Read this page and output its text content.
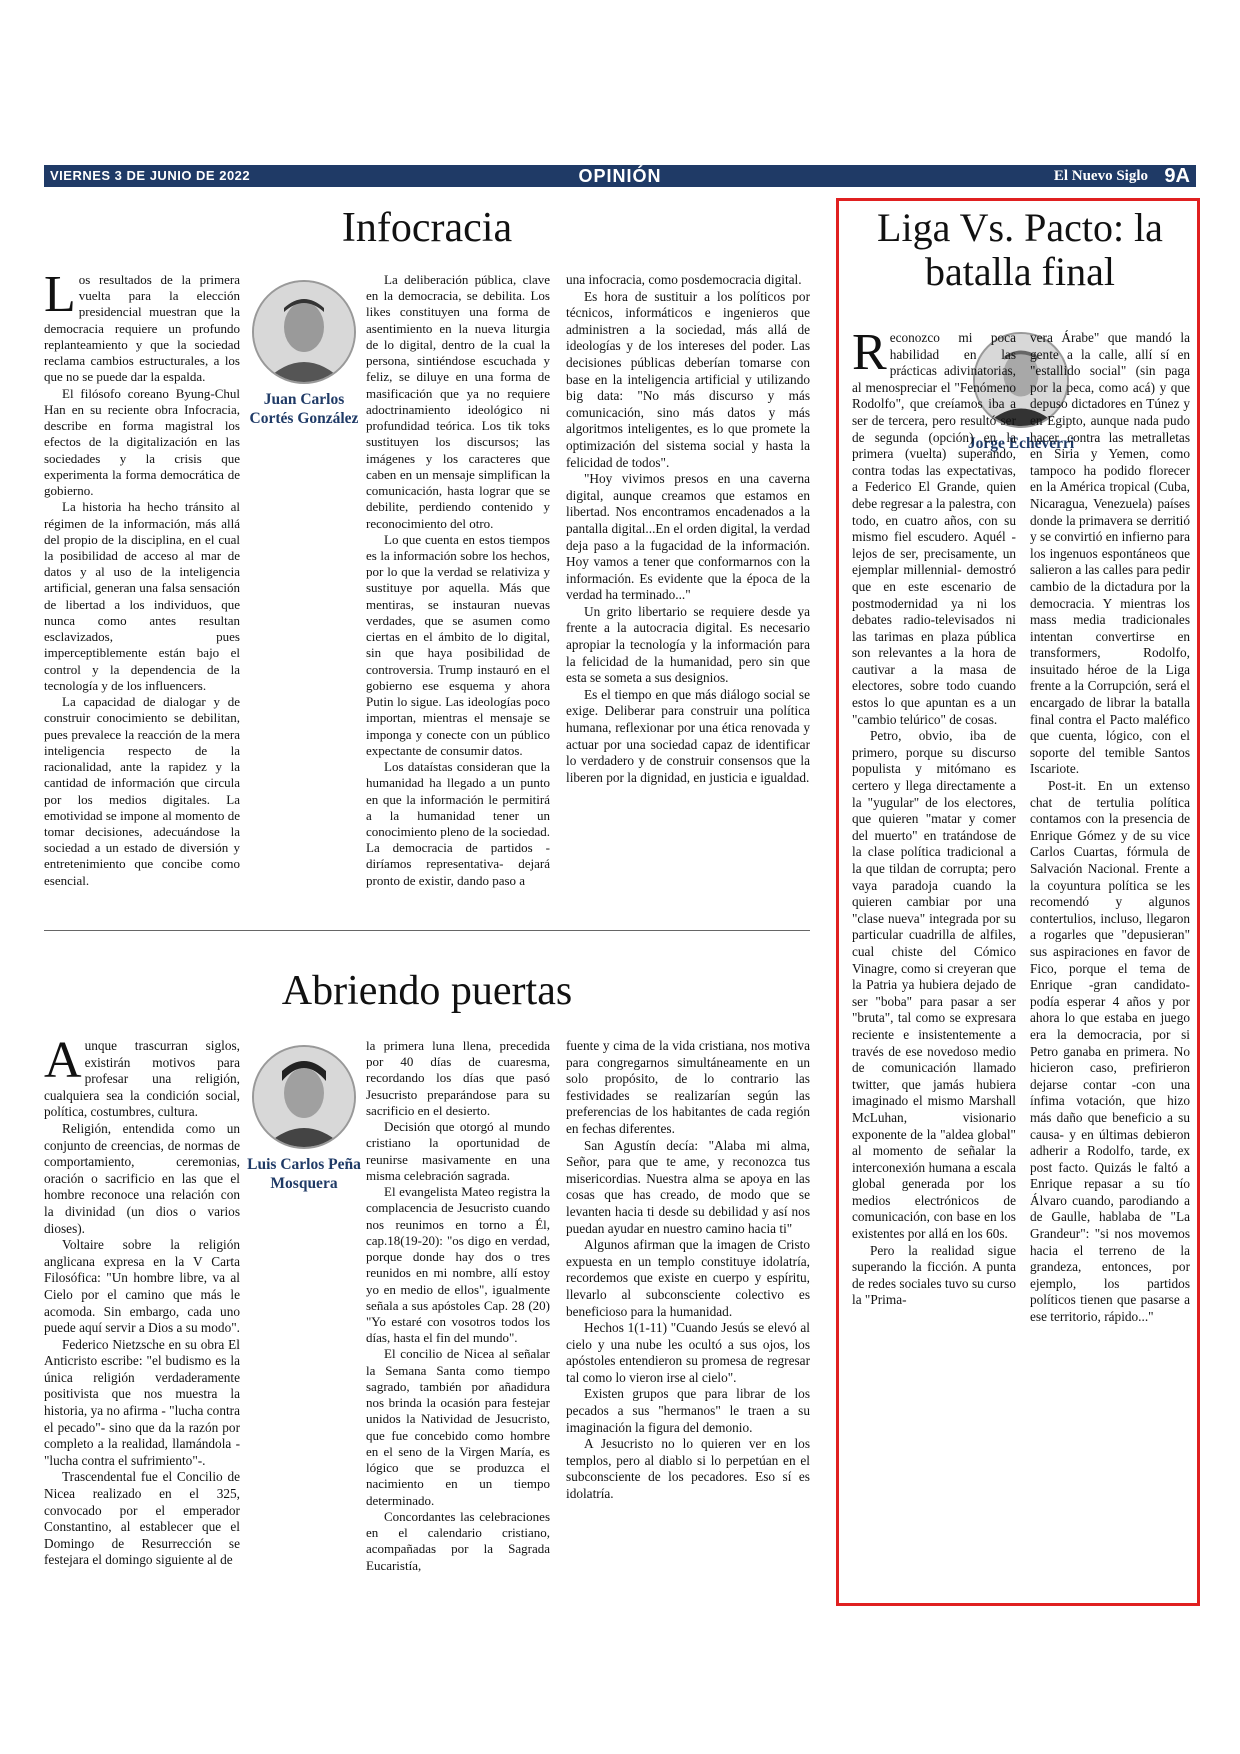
VIERNES 3 DE JUNIO DE 2022	OPINIÓN	El Nuevo Siglo 9A
Infocracia
Juan Carlos Cortés González

Los resultados de la primera vuelta para la elección presidencial muestran que la democracia requiere un profundo replanteamiento y que la sociedad reclama cambios estructurales, a los que no se puede dar la espalda.

El filósofo coreano Byung-Chul Han en su reciente obra Infocracia, describe en forma magistral los efectos de la digitalización en las sociedades y la crisis que experimenta la forma democrática de gobierno.

La historia ha hecho tránsito al régimen de la información, más allá del propio de la disciplina, en el cual la posibilidad de acceso al mar de datos y al uso de la inteligencia artificial, generan una falsa sensación de libertad a los individuos, que nunca como antes resultan esclavizados, pues imperceptiblemente están bajo el control y la dependencia de la tecnología y de los influencers.

La capacidad de dialogar y de construir conocimiento se debilitan, pues prevalece la reacción de la mera inteligencia respecto de la racionalidad, ante la rapidez y la cantidad de información que circula por los medios digitales. La emotividad se impone al momento de tomar decisiones, adecuándose la sociedad a un estado de diversión y entretenimiento que concibe como esencial.

La deliberación pública, clave en la democracia, se debilita. Los likes constituyen una forma de asentimiento en la nueva liturgia de lo digital, dentro de la cual la persona, sintiéndose escuchada y feliz, se diluye en una forma de masificación que ya no requiere adoctrinamiento ideológico ni profundidad teórica. Los tik toks sustituyen los discursos; las imágenes y los caracteres que caben en un mensaje simplifican la comunicación, hasta lograr que se debilite, perdiendo contenido y reconocimiento del otro.

Lo que cuenta en estos tiempos es la información sobre los hechos, por lo que la verdad se relativiza y sustituye por aquella. Más que mentiras, se instauran nuevas verdades, que se asumen como ciertas en el ámbito de lo digital, sin que haya posibilidad de controversia. Trump instauró en el gobierno ese esquema y ahora Putin lo sigue. Las ideologías poco importan, mientras el mensaje se imponga y conecte con un público expectante de consumir datos.

Los dataístas consideran que la humanidad ha llegado a un punto en que la información le permitirá a la humanidad tener un conocimiento pleno de la sociedad. La democracia de partidos - diríamos representativa- dejará pronto de existir, dando paso a

una infocracia, como posdemocracia digital.

Es hora de sustituir a los políticos por técnicos, informáticos e ingenieros que administren a la sociedad, más allá de ideologías y de los intereses del poder. Las decisiones públicas deberían tomarse con base en la inteligencia artificial y utilizando big data: "No más discurso y más comunicación, sino más datos y más algoritmos inteligentes, es lo que promete la optimización del sistema social y hasta la felicidad de todos".

"Hoy vivimos presos en una caverna digital, aunque creamos que estamos en libertad. Nos encontramos encadenados a la pantalla digital...En el orden digital, la verdad deja paso a la fugacidad de la información. Hoy vamos a tener que conformarnos con la información. Es evidente que la época de la verdad ha terminado..."

Un grito libertario se requiere desde ya frente a la autocracia digital. Es necesario apropiar la tecnología y la información para la felicidad de la humanidad, pero sin que esta se someta a sus designios.

Es el tiempo en que más diálogo social se exige. Deliberar para construir una política humana, reflexionar por una ética renovada y actuar por una sociedad capaz de identificar lo verdadero y de construir consensos que la liberen por la dignidad, en justicia e igualdad.

Abriendo puertas
Luis Carlos Peña Mosquera

Aunque trascurran siglos, existirán motivos para profesar una religión, cualquiera sea la condición social, política, costumbres, cultura.

Religión, entendida como un conjunto de creencias, de normas de comportamiento, ceremonias, oración o sacrificio en las que el hombre reconoce una relación con la divinidad (un dios o varios dioses).

Voltaire sobre la religión anglicana expresa en la V Carta Filosófica: "Un hombre libre, va al Cielo por el camino que más le acomoda. Sin embargo, cada uno puede aquí servir a Dios a su modo".

Federico Nietzsche en su obra El Anticristo escribe: "el budismo es la única religión verdaderamente positivista que nos muestra la historia, ya no afirma - "lucha contra el pecado"- sino que da la razón por completo a la realidad, llamándola - "lucha contra el sufrimiento"-.

Trascendental fue el Concilio de Nicea realizado en el 325, convocado por el emperador Constantino, al establecer que el Domingo de Resurrección se festejara el domingo siguiente al de

la primera luna llena, precedida por 40 días de cuaresma, recordando los días que pasó Jesucristo preparándose para su sacrificio en el desierto.

Decisión que otorgó al mundo cristiano la oportunidad de reunirse masivamente en una misma celebración sagrada.

El evangelista Mateo registra la complacencia de Jesucristo cuando nos reunimos en torno a Él, cap.18(19-20): "os digo en verdad, porque donde hay dos o tres reunidos en mi nombre, allí estoy yo en medio de ellos", igualmente señala a sus apóstoles Cap. 28 (20) "Yo estaré con vosotros todos los días, hasta el fin del mundo".

El concilio de Nicea al señalar la Semana Santa como tiempo sagrado, también por añadidura nos brinda la ocasión para festejar unidos la Natividad de Jesucristo, que fue concebido como hombre en el seno de la Virgen María, es lógico que se produzca el nacimiento en un tiempo determinado.

Concordantes las celebraciones en el calendario cristiano, acompañadas por la Sagrada Eucaristía,

fuente y cima de la vida cristiana, nos motiva para congregarnos simultáneamente en un solo propósito, de lo contrario las festividades se realizarían según las preferencias de los habitantes de cada región en fechas diferentes.

San Agustín decía: "Alaba mi alma, Señor, para que te ame, y reconozca tus misericordias. Nuestra alma se apoya en las cosas que has creado, de modo que se levanten hacia ti desde su debilidad y así nos puedan ayudar en nuestro camino hacia ti"

Algunos afirman que la imagen de Cristo expuesta en un templo constituye idolatría, recordemos que existe en cuerpo y espíritu, llevarlo al subconsciente colectivo es beneficioso para la humanidad.

Hechos 1(1-11) "Cuando Jesús se elevó al cielo y una nube les ocultó a sus ojos, los apóstoles entendieron su promesa de regresar tal como lo vieron irse al cielo".

Existen grupos que para librar de los pecados a sus "hermanos" le traen a su imaginación la figura del demonio.

A Jesucristo no lo quieren ver en los templos, pero al diablo si lo perpetúan en el subconsciente de los pecadores. Eso sí es idolatría.

Liga Vs. Pacto: la batalla final
Jorge Echeverri

Reconozco mi poca habilidad en las prácticas adivinatorias, al menospreciar el "Fenómeno Rodolfo", que creíamos iba a ser de tercera, pero resultó ser de segunda (opción) en la primera (vuelta) superando, contra todas las expectativas, a Federico El Grande, quien debe regresar a la palestra, con todo, en cuatro años, con su mismo fiel escudero. Aquél -lejos de ser, precisamente, un ejemplar millennial- demostró que en este escenario de postmodernidad ya ni los debates radio-televisados ni las tarimas en plaza pública son relevantes a la hora de cautivar a la masa de electores, sobre todo cuando estos lo que apuntan es a un "cambio telúrico" de cosas.

Petro, obvio, iba de primero, porque su discurso populista y mitómano es certero y llega directamente a la "yugular" de los electores, que quieren "matar y comer del muerto" en tratándose de la clase política tradicional a la que tildan de corrupta; pero vaya paradoja cuando la quieren cambiar por una "clase nueva" integrada por su particular cuadrilla de alfiles, cual chiste del Cómico Vinagre, como si creyeran que la Patria ya hubiera dejado de ser "boba" para pasar a ser "bruta", tal como se expresara reciente e insistentemente a través de ese novedoso medio de comunicación llamado twitter, que jamás hubiera imaginado el mismo Marshall McLuhan, visionario exponente de la "aldea global" al momento de señalar la interconexión humana a escala global generada por los medios electrónicos de comunicación, con base en los existentes por allá en los 60s.

Pero la realidad sigue superando la ficción. A punta de redes sociales tuvo su curso la "Prima-

vera Árabe" que mandó la gente a la calle, allí sí en "estallido social" (sin paga por la peca, como acá) y que depuso dictadores en Túnez y en Egipto, aunque nada pudo hacer contra las metralletas en Siria y Yemen, como tampoco ha podido florecer en la América tropical (Cuba, Nicaragua, Venezuela) países donde la primavera se derritió y se convirtió en infierno para los ingenuos espontáneos que salieron a las calles para pedir cambio de la dictadura por la democracia. Y mientras los mass media tradicionales intentan convertirse en transformers, Rodolfo, insuitado héroe de la Liga frente a la Corrupción, será el encargado de librar la batalla final contra el Pacto maléfico que cuenta, lógico, con el soporte del temible Santos Iscariote.

Post-it. En un extenso chat de tertulia política contamos con la presencia de Enrique Gómez y de su vice Carlos Cuartas, fórmula de Salvación Nacional. Frente a la coyuntura política se les recomendó y algunos contertulios, incluso, llegaron a rogarles que "depusieran" sus aspiraciones en favor de Fico, porque el tema de Enrique -gran candidato- podía esperar 4 años y por ahora lo que estaba en juego era la democracia, por si Petro ganaba en primera. No hicieron caso, prefirieron dejarse contar -con una ínfima votación, que hizo más daño que beneficio a su causa- y en últimas debieron adherir a Rodolfo, tarde, ex post facto. Quizás le faltó a Enrique repasar a su tío Álvaro cuando, parodiando a de Gaulle, hablaba de "La Grandeur": "si nos movemos hacia el terreno de la grandeza, entonces, por ejemplo, los partidos políticos tienen que pasarse a ese territorio, rápido..."
